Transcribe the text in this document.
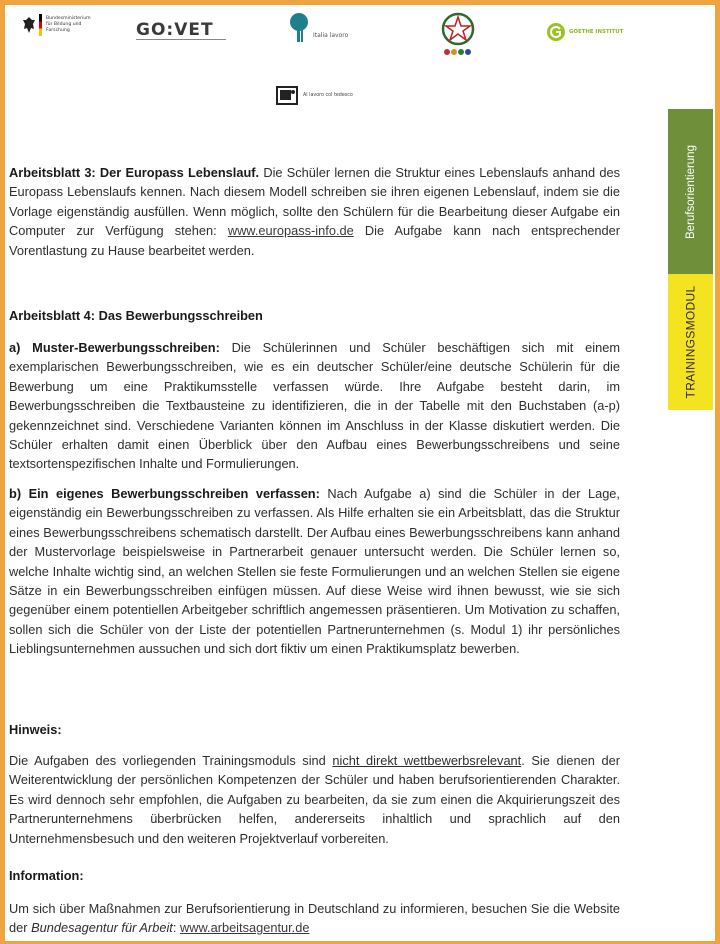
Bundesministerium für Bildung und Forschung	GO:VET	Italia lavoro	GOETHE INSTITUT
Al lavoro col tedesco
Berufsorientierung
TRAININGSMODUL

Arbeitsblatt 3: Der Europass Lebenslauf. Die Schüler lernen die Struktur eines Lebenslaufs anhand des Europass Lebenslaufs kennen. Nach diesem Modell schreiben sie ihren eigenen Lebenslauf, indem sie die Vorlage eigenständig ausfüllen. Wenn möglich, sollte den Schülern für die Bearbeitung dieser Aufgabe ein Computer zur Verfügung stehen: www.europass-info.de Die Aufgabe kann nach entsprechender Vorentlastung zu Hause bearbeitet werden.

Arbeitsblatt 4: Das Bewerbungsschreiben

a) Muster-Bewerbungsschreiben: Die Schülerinnen und Schüler beschäftigen sich mit einem exemplarischen Bewerbungsschreiben, wie es ein deutscher Schüler/eine deutsche Schülerin für die Bewerbung um eine Praktikumsstelle verfassen würde. Ihre Aufgabe besteht darin, im Bewerbungsschreiben die Textbausteine zu identifizieren, die in der Tabelle mit den Buchstaben (a-p) gekennzeichnet sind. Verschiedene Varianten können im Anschluss in der Klasse diskutiert werden. Die Schüler erhalten damit einen Überblick über den Aufbau eines Bewerbungsschreibens und seine textsortenspezifischen Inhalte und Formulierungen.

b) Ein eigenes Bewerbungsschreiben verfassen: Nach Aufgabe a) sind die Schüler in der Lage, eigenständig ein Bewerbungsschreiben zu verfassen. Als Hilfe erhalten sie ein Arbeitsblatt, das die Struktur eines Bewerbungsschreibens schematisch darstellt. Der Aufbau eines Bewerbungsschreibens kann anhand der Mustervorlage beispielsweise in Partnerarbeit genauer untersucht werden. Die Schüler lernen so, welche Inhalte wichtig sind, an welchen Stellen sie feste Formulierungen und an welchen Stellen sie eigene Sätze in ein Bewerbungsschreiben einfügen müssen. Auf diese Weise wird ihnen bewusst, wie sie sich gegenüber einem potentiellen Arbeitgeber schriftlich angemessen präsentieren. Um Motivation zu schaffen, sollen sich die Schüler von der Liste der potentiellen Partnerunternehmen (s. Modul 1) ihr persönliches Lieblingsunternehmen aussuchen und sich dort fiktiv um einen Praktikumsplatz bewerben.

Hinweis:

Die Aufgaben des vorliegenden Trainingsmoduls sind nicht direkt wettbewerbsrelevant. Sie dienen der Weiterentwicklung der persönlichen Kompetenzen der Schüler und haben berufsorientierenden Charakter. Es wird dennoch sehr empfohlen, die Aufgaben zu bearbeiten, da sie zum einen die Akquirierungszeit des Partnerunternehmens überbrücken helfen, andererseits inhaltlich und sprachlich auf den Unternehmensbesuch und den weiteren Projektverlauf vorbereiten.

Information:

Um sich über Maßnahmen zur Berufsorientierung in Deutschland zu informieren, besuchen Sie die Website der Bundesagentur für Arbeit: www.arbeitsagentur.de
